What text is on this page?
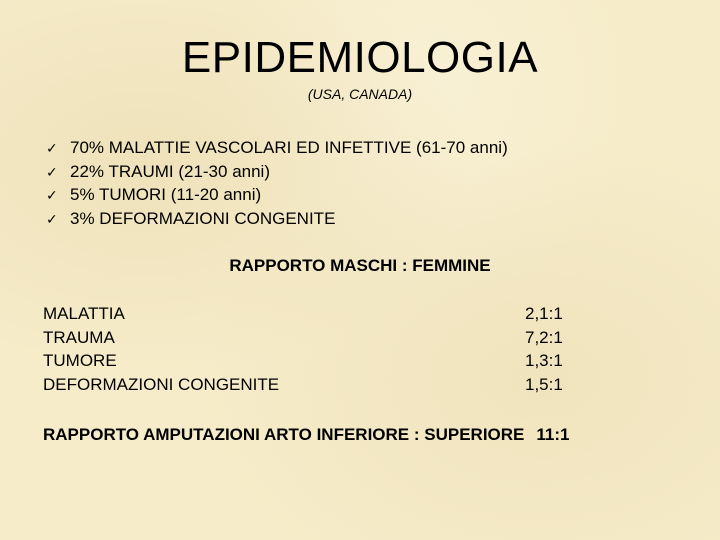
EPIDEMIOLOGIA
(USA, CANADA)
✓ 70% MALATTIE VASCOLARI ED INFETTIVE (61-70 anni)
✓ 22% TRAUMI (21-30 anni)
✓ 5% TUMORI (11-20 anni)
✓ 3% DEFORMAZIONI CONGENITE
RAPPORTO MASCHI : FEMMINE
MALATTIA	2,1:1
TRAUMA	7,2:1
TUMORE	1,3:1
DEFORMAZIONI CONGENITE	1,5:1
RAPPORTO AMPUTAZIONI ARTO INFERIORE : SUPERIORE 11:1
